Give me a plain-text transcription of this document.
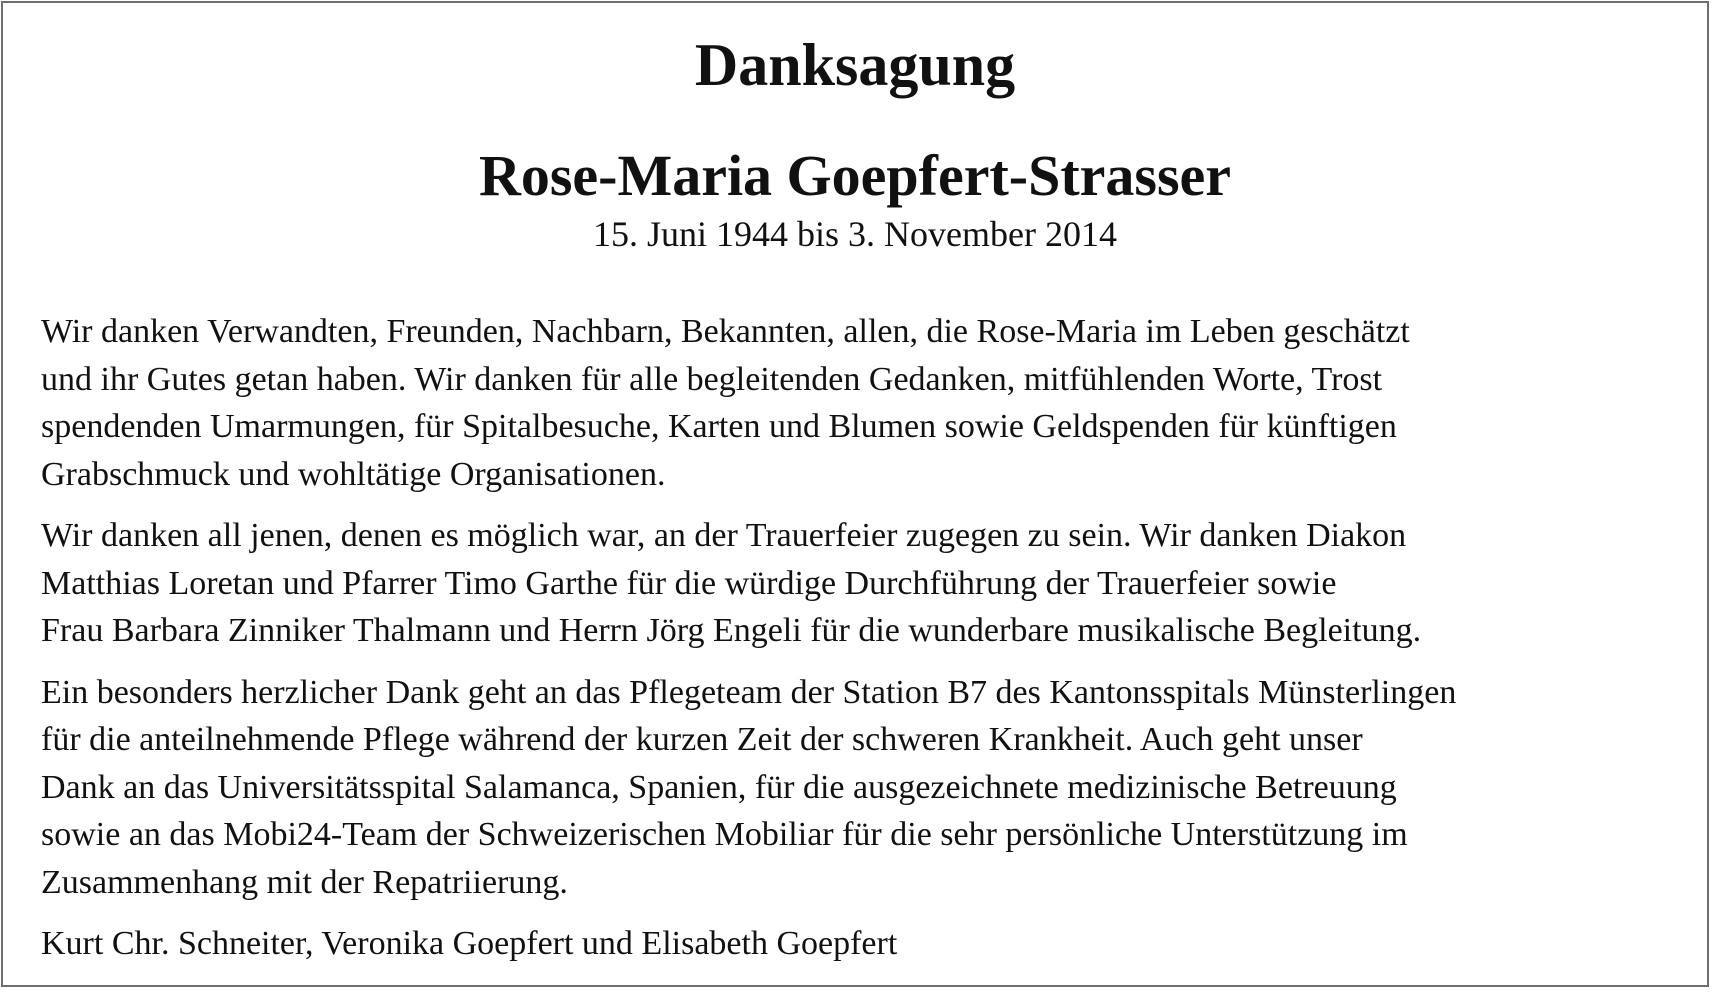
Danksagung
Rose-Maria Goepfert-Strasser

15. Juni 1944 bis 3. November 2014

Wir danken Verwandten, Freunden, Nachbarn, Bekannten, allen, die Rose-Maria im Leben geschätzt
und ihr Gutes getan haben. Wir danken für alle begleitenden Gedanken, mitfühlenden Worte, Trost
spendenden Umarmungen, für Spitalbesuche, Karten und Blumen sowie Geldspenden für künftigen
Grabschmuck und wohltätige Organisationen.

Wir danken all jenen, denen es möglich war, an der Trauerfeier zugegen zu sein. Wir danken Diakon
Matthias Loretan und Pfarrer Timo Garthe für die würdige Durchführung der Trauerfeier sowie
Frau Barbara Zinniker Thalmann und Herrn Jörg Engeli für die wunderbare musikalische Begleitung.

Ein besonders herzlicher Dank geht an das Pflegeteam der Station B7 des Kantonsspitals Münsterlingen
für die anteilnehmende Pflege während der kurzen Zeit der schweren Krankheit. Auch geht unser
Dank an das Universitätsspital Salamanca, Spanien, für die ausgezeichnete medizinische Betreuung
sowie an das Mobi24-Team der Schweizerischen Mobiliar für die sehr persönliche Unterstützung im
Zusammenhang mit der Repatriierung.

Kurt Chr. Schneiter, Veronika Goepfert und Elisabeth Goepfert
